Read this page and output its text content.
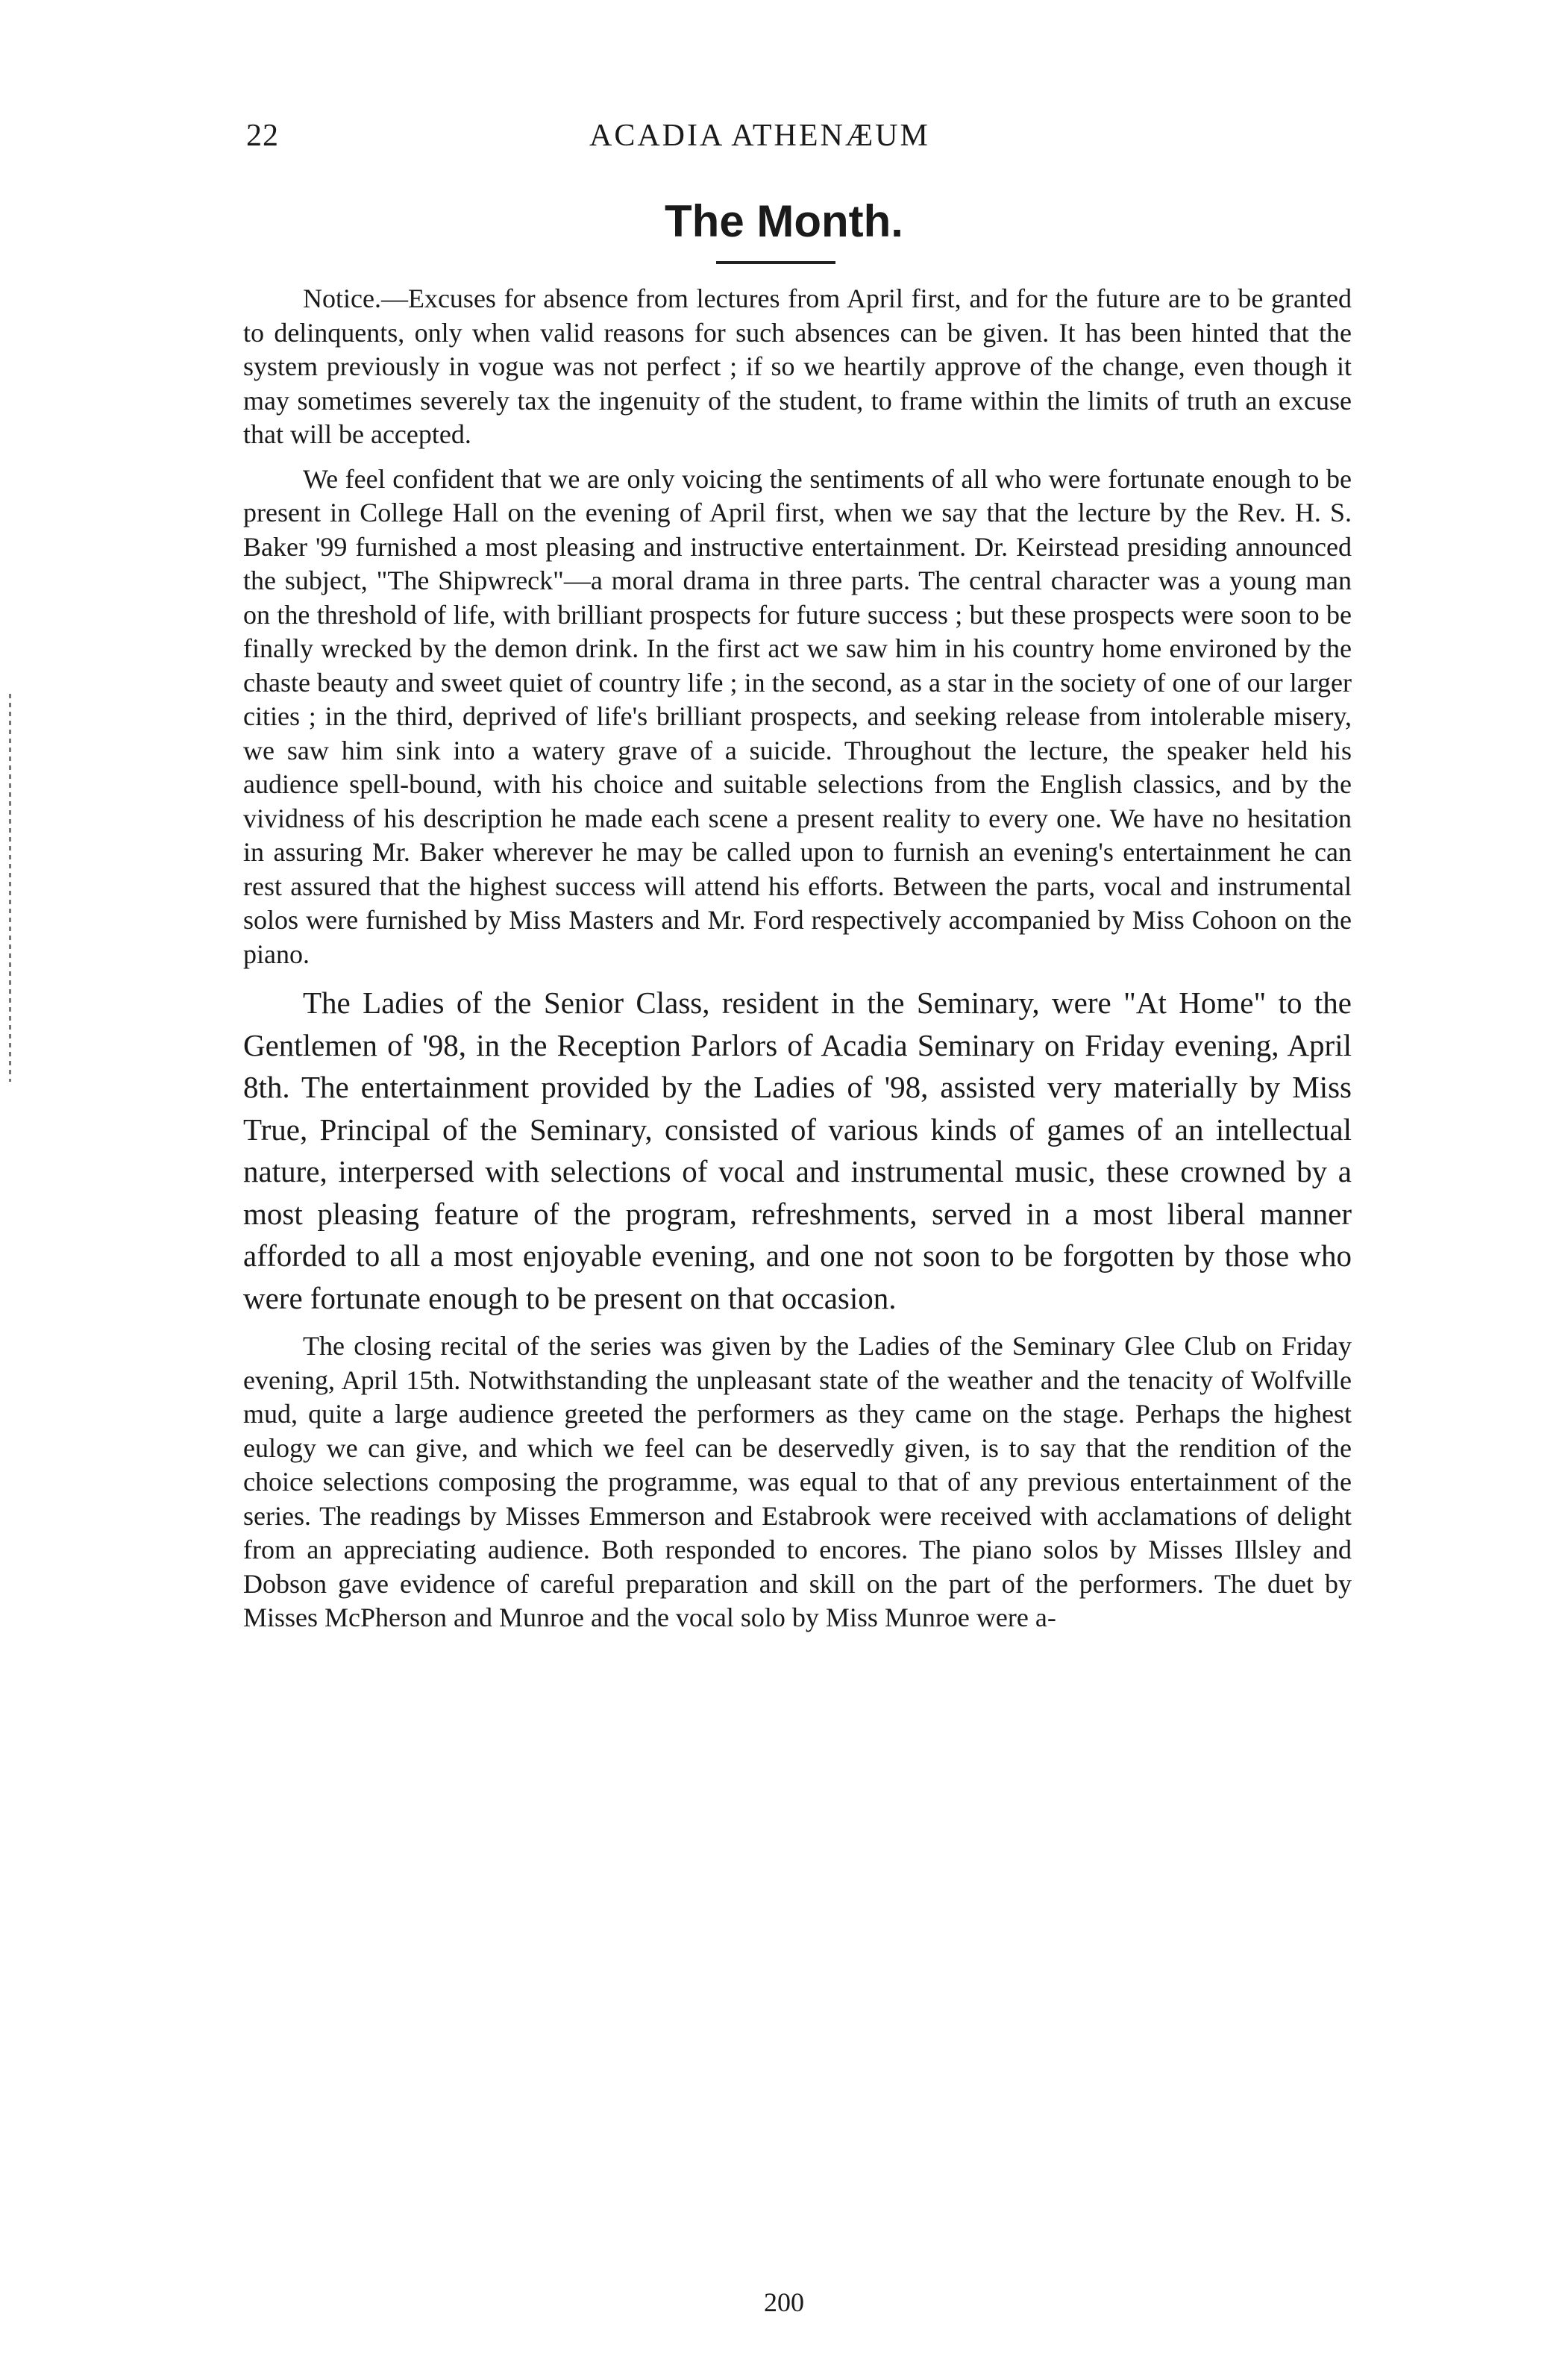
22	ACADIA ATHENÆUM
The Month.

Notice.—Excuses for absence from lectures from April first, and for the future are to be granted to delinquents, only when valid reasons for such absences can be given. It has been hinted that the system previously in vogue was not perfect ; if so we heartily approve of the change, even though it may sometimes severely tax the ingenuity of the student, to frame within the limits of truth an excuse that will be accepted.

We feel confident that we are only voicing the sentiments of all who were fortunate enough to be present in College Hall on the evening of April first, when we say that the lecture by the Rev. H. S. Baker '99 furnished a most pleasing and instructive entertainment. Dr. Keirstead presiding announced the subject, "The Shipwreck"—a moral drama in three parts. The central character was a young man on the threshold of life, with brilliant prospects for future success ; but these prospects were soon to be finally wrecked by the demon drink. In the first act we saw him in his country home environed by the chaste beauty and sweet quiet of country life ; in the second, as a star in the society of one of our larger cities ; in the third, deprived of life's brilliant prospects, and seeking release from intolerable misery, we saw him sink into a watery grave of a suicide. Throughout the lecture, the speaker held his audience spell-bound, with his choice and suitable selections from the English classics, and by the vividness of his description he made each scene a present reality to every one. We have no hesitation in assuring Mr. Baker wherever he may be called upon to furnish an evening's entertainment he can rest assured that the highest success will attend his efforts. Between the parts, vocal and instrumental solos were furnished by Miss Masters and Mr. Ford respectively accompanied by Miss Cohoon on the piano.

The Ladies of the Senior Class, resident in the Seminary, were "At Home" to the Gentlemen of '98, in the Reception Parlors of Acadia Seminary on Friday evening, April 8th. The entertainment provided by the Ladies of '98, assisted very materially by Miss True, Principal of the Seminary, consisted of various kinds of games of an intellectual nature, interpersed with selections of vocal and instrumental music, these crowned by a most pleasing feature of the program, refreshments, served in a most liberal manner afforded to all a most enjoyable evening, and one not soon to be forgotten by those who were fortunate enough to be present on that occasion.

The closing recital of the series was given by the Ladies of the Seminary Glee Club on Friday evening, April 15th. Notwithstanding the unpleasant state of the weather and the tenacity of Wolfville mud, quite a large audience greeted the performers as they came on the stage. Perhaps the highest eulogy we can give, and which we feel can be deservedly given, is to say that the rendition of the choice selections composing the programme, was equal to that of any previous entertainment of the series. The readings by Misses Emmerson and Estabrook were received with acclamations of delight from an appreciating audience. Both responded to encores. The piano solos by Misses Illsley and Dobson gave evidence of careful preparation and skill on the part of the performers. The duet by Misses McPherson and Munroe and the vocal solo by Miss Munroe were a-

200
